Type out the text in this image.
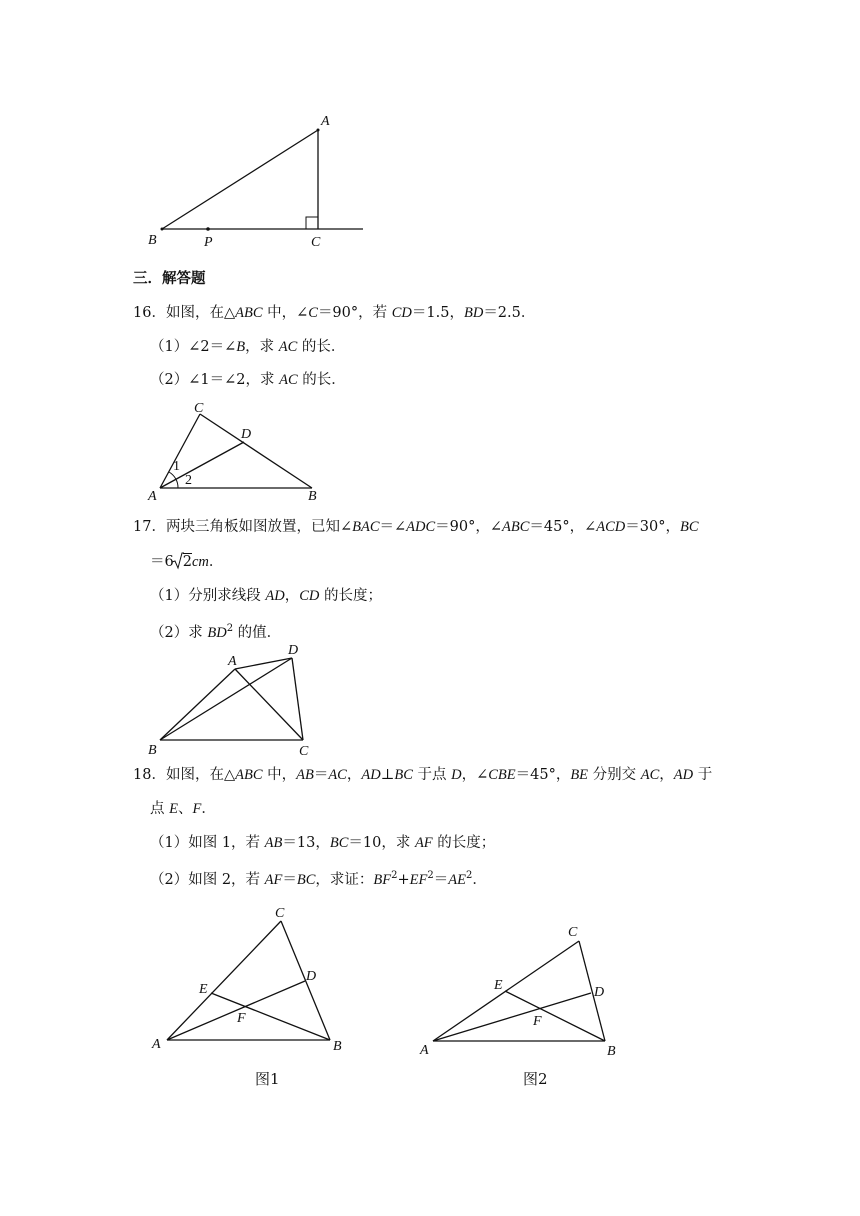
A
B	P	C
三．解答题
16．如图，在△ABC 中，∠C＝90°，若 CD＝1.5，BD＝2.5．
（1）∠2＝∠B，求 AC 的长．
（2）∠1＝∠2，求 AC 的长．
C
D
A	B
1
2
17．两块三角板如图放置，已知∠BAC＝∠ADC＝90°，∠ABC＝45°，∠ACD＝30°，BC
＝6 2cm．
（1）分别求线段 AD，CD 的长度；
（2）求 $BD^2$ 的值．
A
D
B	C
18．如图，在△ABC 中，AB＝AC，AD⊥BC 于点 D，∠CBE＝45°，BE 分别交 AC，AD 于
点 E、F．
（1）如图 1，若 AB＝13，BC＝10，求 AF 的长度；
（2）如图 2，若 AF＝BC，求证：$BF^2+EF^2=AE^2$．
C
E
D
F
A	B
图1
C
E	D
F
A	B
图2
